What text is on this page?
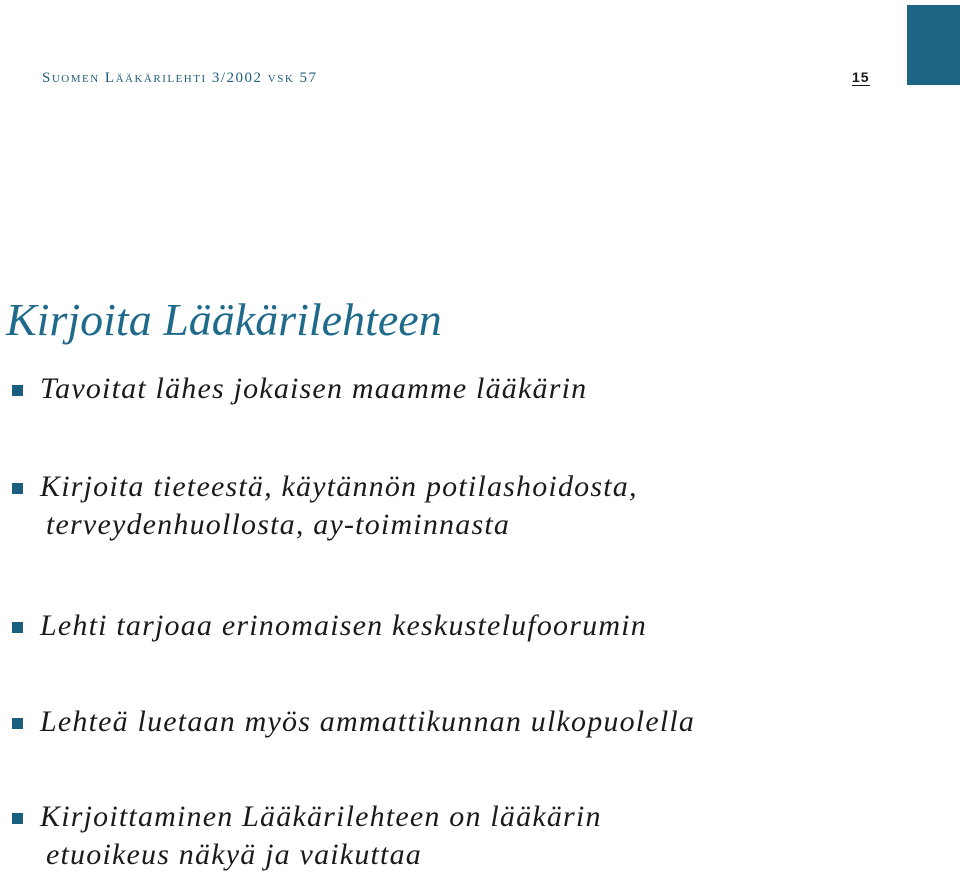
Suomen Lääkärilehti 3/2002 vsk 57	15
Kirjoita Lääkärilehteen
Tavoitat lähes jokaisen maamme lääkärin
Kirjoita tieteestä, käytännön potilashoidosta,
terveydenhuollosta, ay-toiminnasta
Lehti tarjoaa erinomaisen keskustelufoorumin
Lehteä luetaan myös ammattikunnan ulkopuolella
Kirjoittaminen Lääkärilehteen on lääkärin
etuoikeus näkyä ja vaikuttaa
